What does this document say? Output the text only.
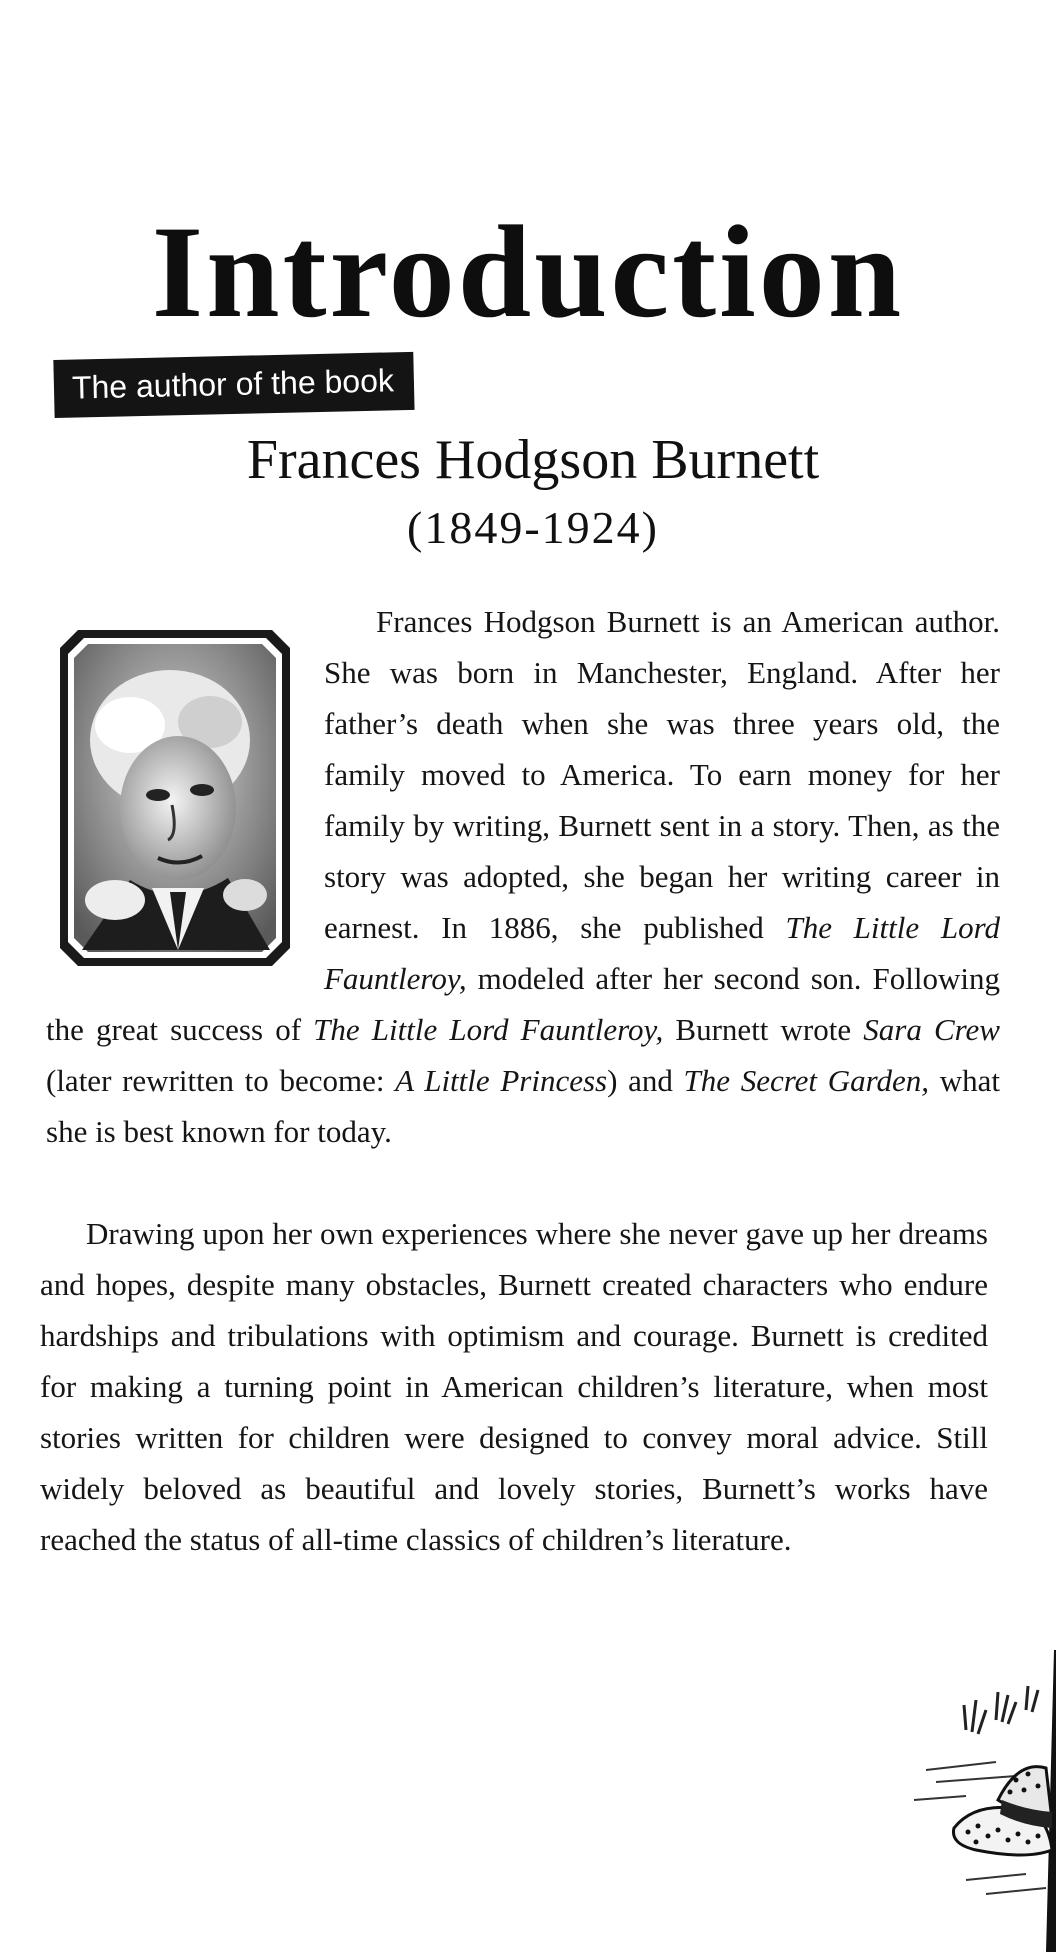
Introduction
The author of the book
Frances Hodgson Burnett
(1849-1924)
Frances Hodgson Burnett is an American author. She was born in Manchester, England. After her father’s death when she was three years old, the family moved to America. To earn money for her family by writing, Burnett sent in a story. Then, as the story was adopted, she began her writing career in earnest. In 1886, she published The Little Lord Fauntleroy, modeled after her second son. Following the great success of The Little Lord Fauntleroy, Burnett wrote Sara Crew (later rewritten to become: A Little Princess) and The Secret Garden, what she is best known for today.
Drawing upon her own experiences where she never gave up her dreams and hopes, despite many obstacles, Burnett created characters who endure hardships and tribulations with optimism and courage. Burnett is credited for making a turning point in American children’s literature, when most stories written for children were designed to convey moral advice. Still widely beloved as beautiful and lovely stories, Burnett’s works have reached the status of all-time classics of children’s literature.
